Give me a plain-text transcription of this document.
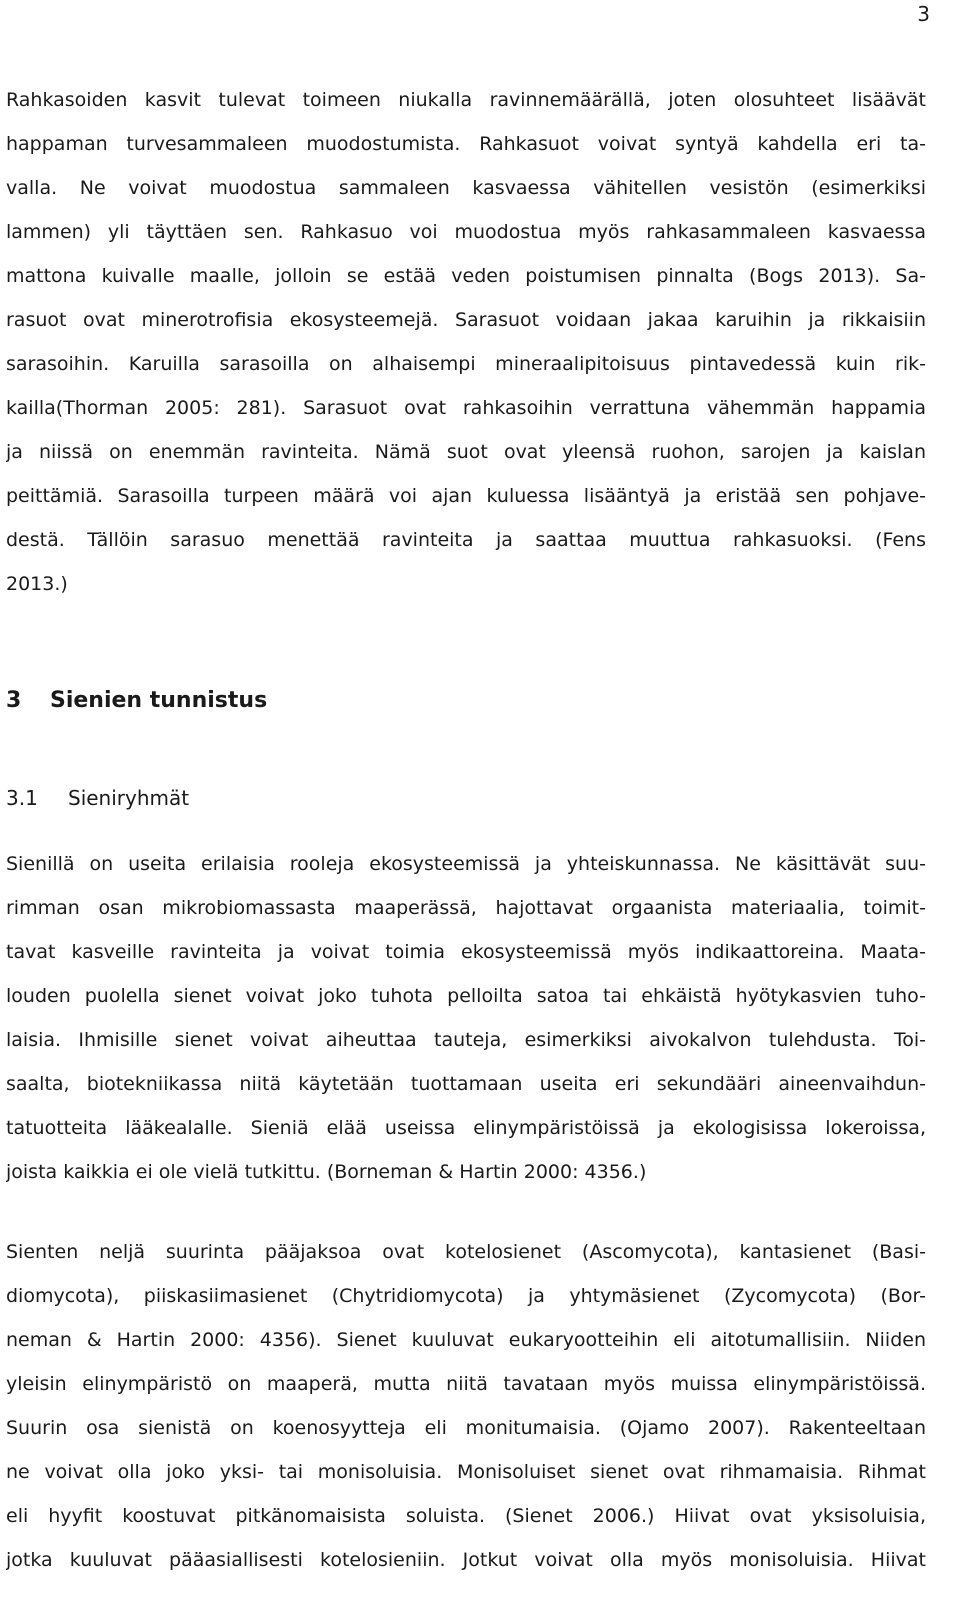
3
Rahkasoiden kasvit tulevat toimeen niukalla ravinnemäärällä, joten olosuhteet lisäävät
happaman turvesammaleen muodostumista. Rahkasuot voivat syntyä kahdella eri ta-
valla. Ne voivat muodostua sammaleen kasvaessa vähitellen vesistön (esimerkiksi
lammen) yli täyttäen sen. Rahkasuo voi muodostua myös rahkasammaleen kasvaessa
mattona kuivalle maalle, jolloin se estää veden poistumisen pinnalta (Bogs 2013). Sa-
rasuot ovat minerotrofisia ekosysteemejä. Sarasuot voidaan jakaa karuihin ja rikkaisiin
sarasoihin. Karuilla sarasoilla on alhaisempi mineraalipitoisuus pintavedessä kuin rik-
kailla(Thorman 2005: 281). Sarasuot ovat rahkasoihin verrattuna vähemmän happamia
ja niissä on enemmän ravinteita. Nämä suot ovat yleensä ruohon, sarojen ja kaislan
peittämiä. Sarasoilla turpeen määrä voi ajan kuluessa lisääntyä ja eristää sen pohjave-
destä. Tällöin sarasuo menettää ravinteita ja saattaa muuttua rahkasuoksi. (Fens
2013.)
3 Sienien tunnistus
3.1 Sieniryhmät
Sienillä on useita erilaisia rooleja ekosysteemissä ja yhteiskunnassa. Ne käsittävät suu-
rimman osan mikrobiomassasta maaperässä, hajottavat orgaanista materiaalia, toimit-
tavat kasveille ravinteita ja voivat toimia ekosysteemissä myös indikaattoreina. Maata-
louden puolella sienet voivat joko tuhota pelloilta satoa tai ehkäistä hyötykasvien tuho-
laisia. Ihmisille sienet voivat aiheuttaa tauteja, esimerkiksi aivokalvon tulehdusta. Toi-
saalta, biotekniikassa niitä käytetään tuottamaan useita eri sekundääri aineenvaihdun-
tatuotteita lääkealalle. Sieniä elää useissa elinympäristöissä ja ekologisissa lokeroissa,
joista kaikkia ei ole vielä tutkittu. (Borneman & Hartin 2000: 4356.)
Sienten neljä suurinta pääjaksoa ovat kotelosienet (Ascomycota), kantasienet (Basi-
diomycota), piiskasiimasienet (Chytridiomycota) ja yhtymäsienet (Zycomycota) (Bor-
neman & Hartin 2000: 4356). Sienet kuuluvat eukaryootteihin eli aitotumallisiin. Niiden
yleisin elinympäristö on maaperä, mutta niitä tavataan myös muissa elinympäristöissä.
Suurin osa sienistä on koenosyytteja eli monitumaisia. (Ojamo 2007). Rakenteeltaan
ne voivat olla joko yksi- tai monisoluisia. Monisoluiset sienet ovat rihmamaisia. Rihmat
eli hyyfit koostuvat pitkänomaisista soluista. (Sienet 2006.) Hiivat ovat yksisoluisia,
jotka kuuluvat pääasiallisesti kotelosieniin. Jotkut voivat olla myös monisoluisia. Hiivat
